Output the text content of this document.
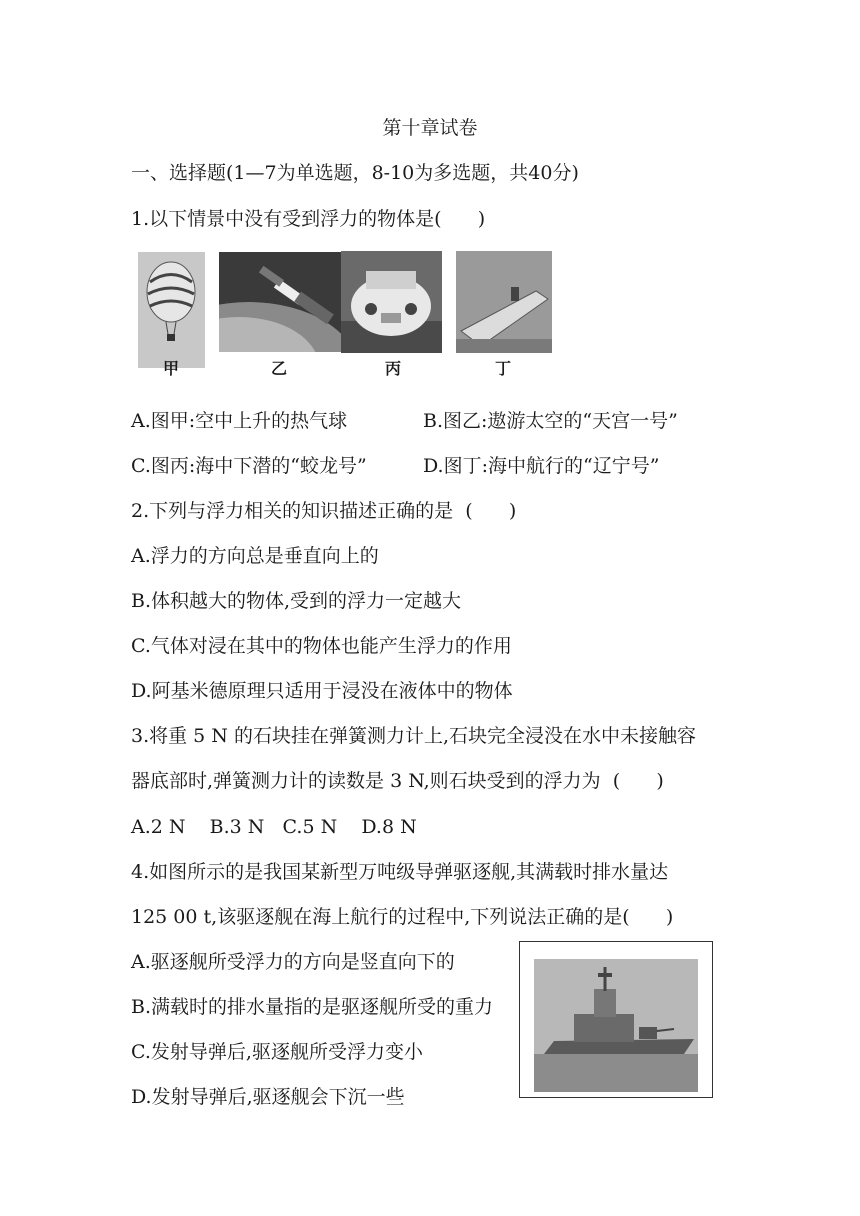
第十章试卷
一、选择题(1—7为单选题，8-10为多选题，共40分)
1.以下情景中没有受到浮力的物体是(      )
甲	乙	丙	丁
A.图甲:空中上升的热气球	B.图乙:遨游太空的“天宫一号”
C.图丙:海中下潜的“蛟龙号”	D.图丁:海中航行的“辽宁号”
2.下列与浮力相关的知识描述正确的是  (      )
A.浮力的方向总是垂直向上的
B.体积越大的物体,受到的浮力一定越大
C.气体对浸在其中的物体也能产生浮力的作用
D.阿基米德原理只适用于浸没在液体中的物体
3.将重 5 N 的石块挂在弹簧测力计上,石块完全浸没在水中未接触容
器底部时,弹簧测力计的读数是 3 N,则石块受到的浮力为  (      )
A.2 N    B.3 N   C.5 N    D.8 N
4.如图所示的是我国某新型万吨级导弹驱逐舰,其满载时排水量达
125 00 t,该驱逐舰在海上航行的过程中,下列说法正确的是(      )
A.驱逐舰所受浮力的方向是竖直向下的
B.满载时的排水量指的是驱逐舰所受的重力
C.发射导弹后,驱逐舰所受浮力变小
D.发射导弹后,驱逐舰会下沉一些
